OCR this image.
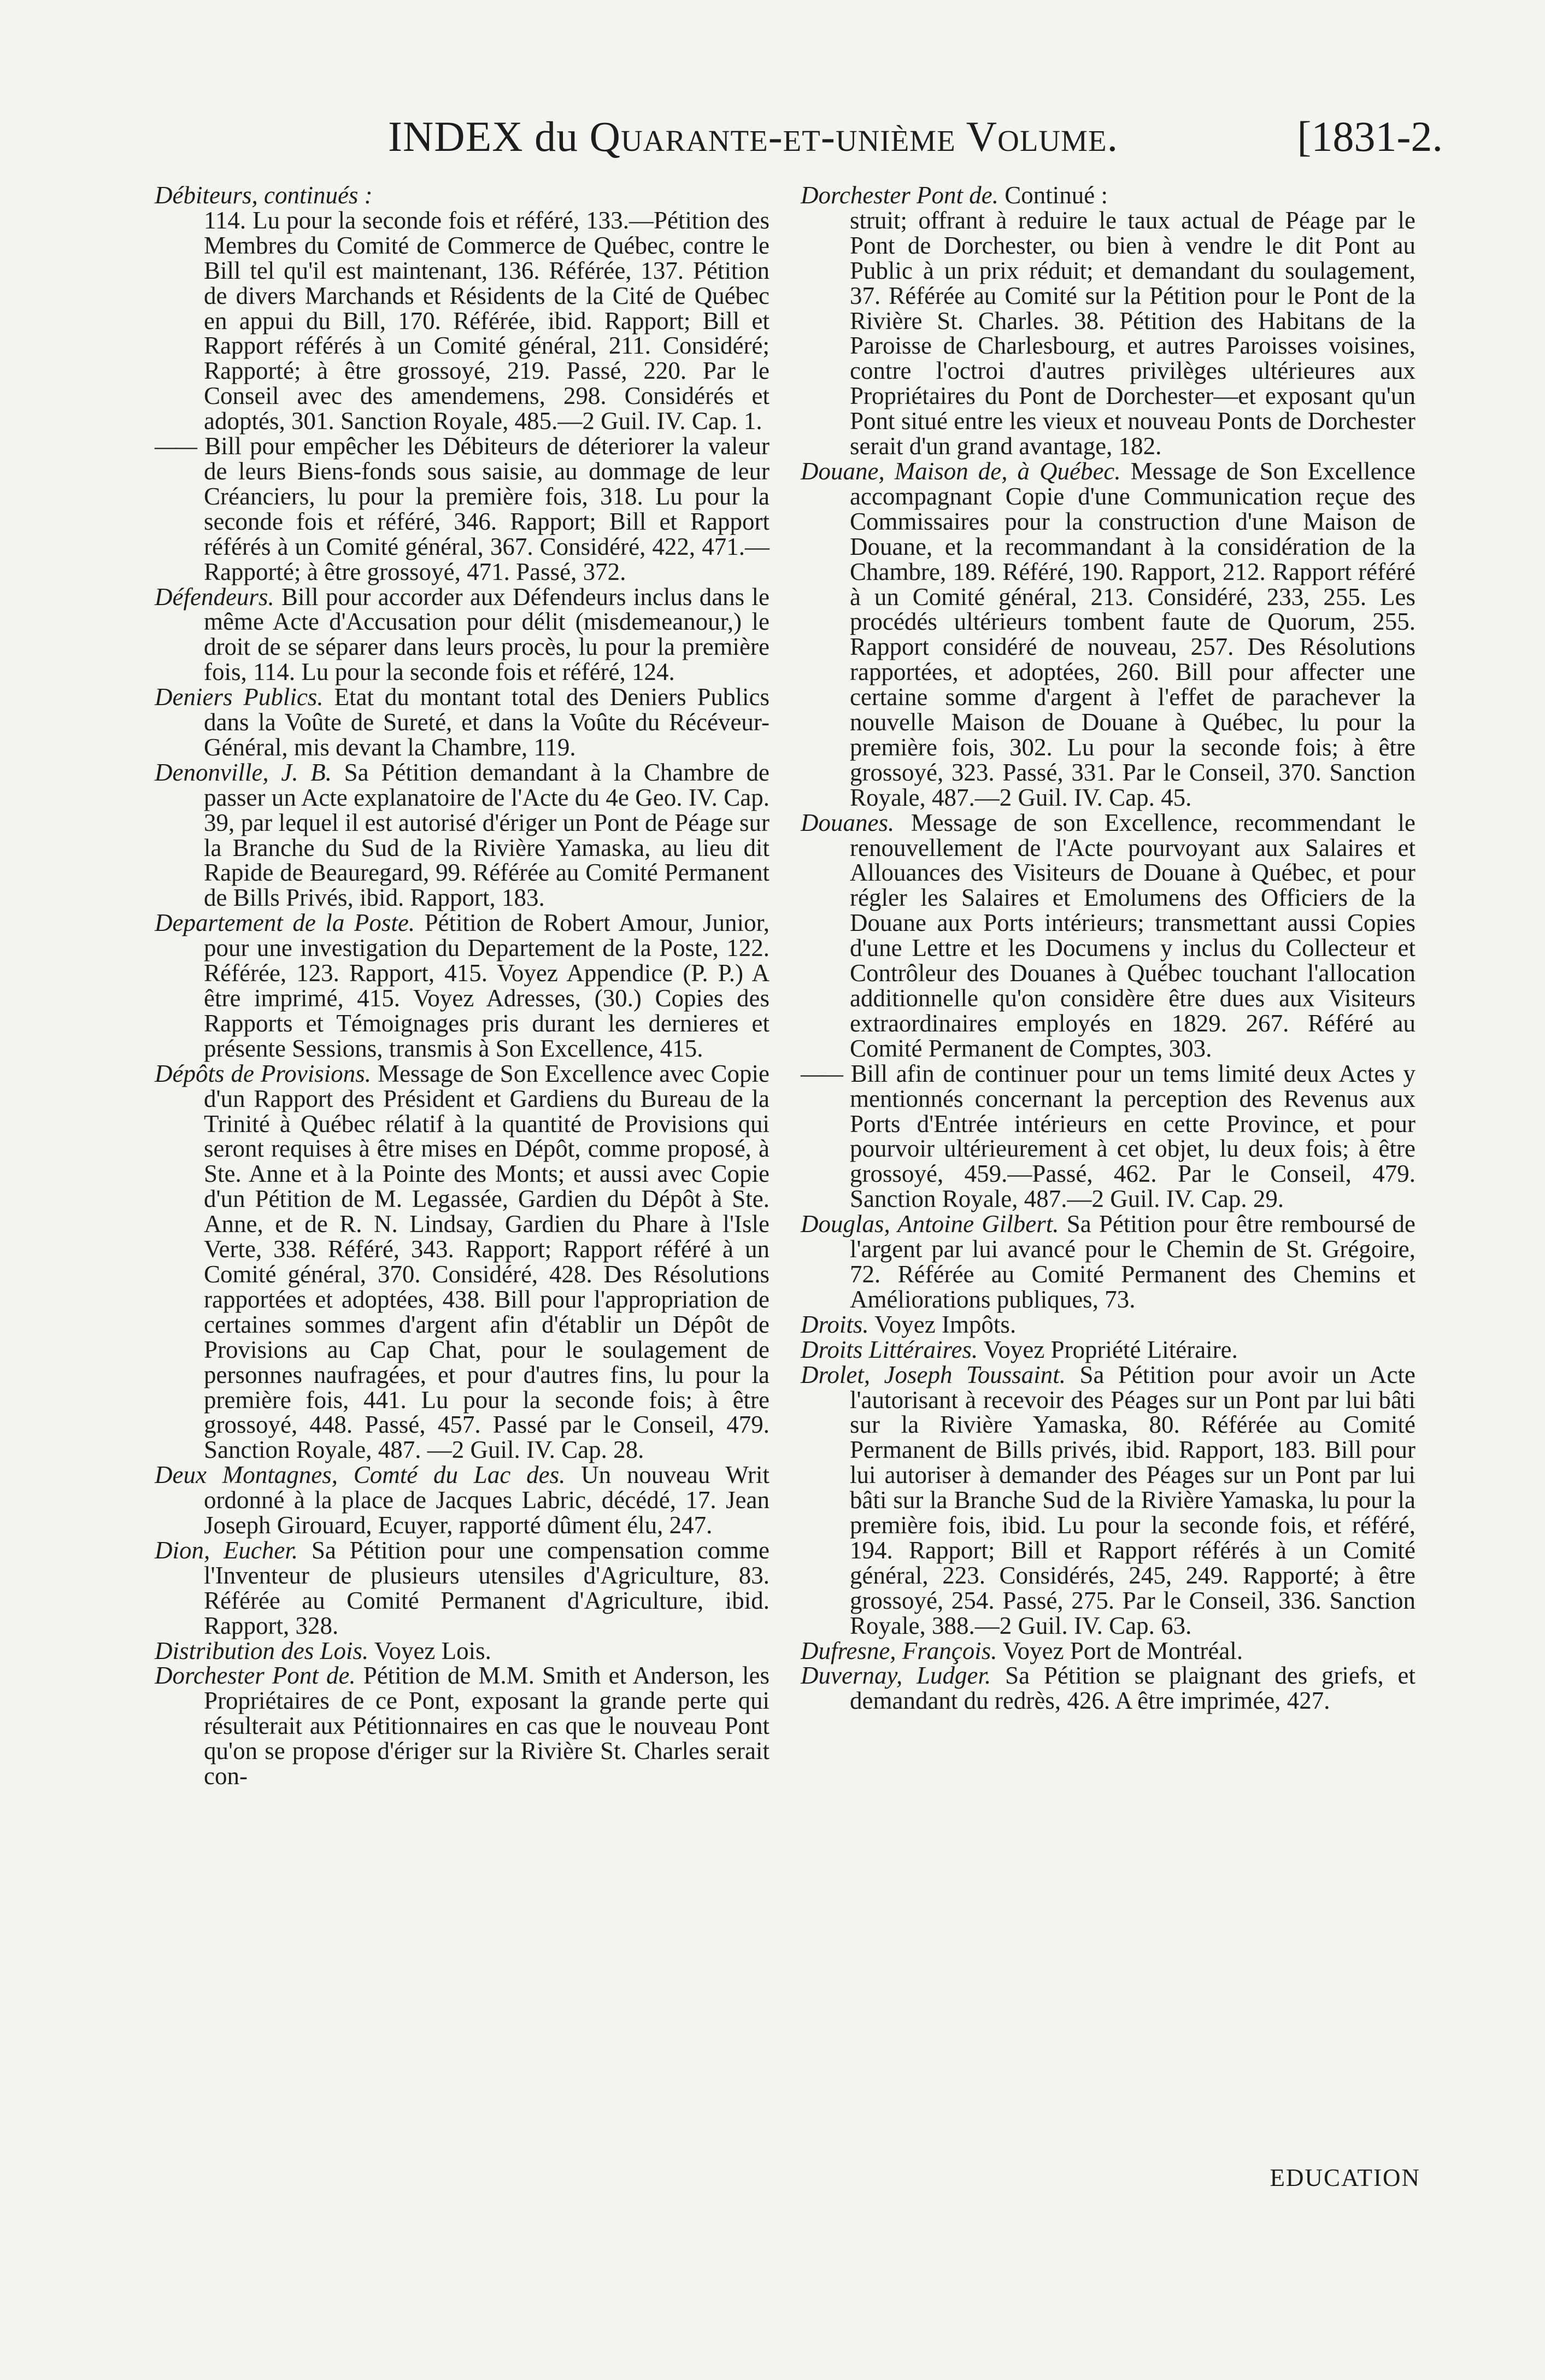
INDEX du Quarante-et-unième Volume.	[1831-2.

Débiteurs, continués :

114. Lu pour la seconde fois et référé, 133.—Pétition des Membres du Comité de Commerce de Québec, contre le Bill tel qu'il est maintenant, 136. Référée, 137. Pétition de divers Marchands et Résidents de la Cité de Québec en appui du Bill, 170. Référée, ibid. Rapport; Bill et Rapport référés à un Comité général, 211. Considéré; Rapporté; à être grossoyé, 219. Passé, 220. Par le Conseil avec des amendemens, 298. Considérés et adoptés, 301. Sanction Royale, 485.—2 Guil. IV. Cap. 1.

—— Bill pour empêcher les Débiteurs de déteriorer la valeur de leurs Biens-fonds sous saisie, au dommage de leur Créanciers, lu pour la première fois, 318. Lu pour la seconde fois et référé, 346. Rapport; Bill et Rapport référés à un Comité général, 367. Considéré, 422, 471.—Rapporté; à être grossoyé, 471. Passé, 372.

Défendeurs. Bill pour accorder aux Défendeurs inclus dans le même Acte d'Accusation pour délit (misdemeanour,) le droit de se séparer dans leurs procès, lu pour la première fois, 114. Lu pour la seconde fois et référé, 124.

Deniers Publics. Etat du montant total des Deniers Publics dans la Voûte de Sureté, et dans la Voûte du Récéveur-Général, mis devant la Chambre, 119.

Denonville, J. B. Sa Pétition demandant à la Chambre de passer un Acte explanatoire de l'Acte du 4e Geo. IV. Cap. 39, par lequel il est autorisé d'ériger un Pont de Péage sur la Branche du Sud de la Rivière Yamaska, au lieu dit Rapide de Beauregard, 99. Référée au Comité Permanent de Bills Privés, ibid. Rapport, 183.

Departement de la Poste. Pétition de Robert Amour, Junior, pour une investigation du Departement de la Poste, 122. Référée, 123. Rapport, 415. Voyez Appendice (P. P.) A être imprimé, 415. Voyez Adresses, (30.) Copies des Rapports et Témoignages pris durant les dernieres et présente Sessions, transmis à Son Excellence, 415.

Dépôts de Provisions. Message de Son Excellence avec Copie d'un Rapport des Président et Gardiens du Bureau de la Trinité à Québec rélatif à la quantité de Provisions qui seront requises à être mises en Dépôt, comme proposé, à Ste. Anne et à la Pointe des Monts; et aussi avec Copie d'un Pétition de M. Legassée, Gardien du Dépôt à Ste. Anne, et de R. N. Lindsay, Gardien du Phare à l'Isle Verte, 338. Référé, 343. Rapport; Rapport référé à un Comité général, 370. Considéré, 428. Des Résolutions rapportées et adoptées, 438. Bill pour l'appropriation de certaines sommes d'argent afin d'établir un Dépôt de Provisions au Cap Chat, pour le soulagement de personnes naufragées, et pour d'autres fins, lu pour la première fois, 441. Lu pour la seconde fois; à être grossoyé, 448. Passé, 457. Passé par le Conseil, 479. Sanction Royale, 487. —2 Guil. IV. Cap. 28.

Deux Montagnes, Comté du Lac des. Un nouveau Writ ordonné à la place de Jacques Labric, décédé, 17. Jean Joseph Girouard, Ecuyer, rapporté dûment élu, 247.

Dion, Eucher. Sa Pétition pour une compensation comme l'Inventeur de plusieurs utensiles d'Agriculture, 83. Référée au Comité Permanent d'Agriculture, ibid. Rapport, 328.

Distribution des Lois. Voyez Lois.

Dorchester Pont de. Pétition de M.M. Smith et Anderson, les Propriétaires de ce Pont, exposant la grande perte qui résulterait aux Pétitionnaires en cas que le nouveau Pont qu'on se propose d'ériger sur la Rivière St. Charles serait con-

Dorchester Pont de. Continué :

struit; offrant à reduire le taux actual de Péage par le Pont de Dorchester, ou bien à vendre le dit Pont au Public à un prix réduit; et demandant du soulagement, 37. Référée au Comité sur la Pétition pour le Pont de la Rivière St. Charles. 38. Pétition des Habitans de la Paroisse de Charlesbourg, et autres Paroisses voisines, contre l'octroi d'autres privilèges ultérieures aux Propriétaires du Pont de Dorchester—et exposant qu'un Pont situé entre les vieux et nouveau Ponts de Dorchester serait d'un grand avantage, 182.

Douane, Maison de, à Québec. Message de Son Excellence accompagnant Copie d'une Communication reçue des Commissaires pour la construction d'une Maison de Douane, et la recommandant à la considération de la Chambre, 189. Référé, 190. Rapport, 212. Rapport référé à un Comité général, 213. Considéré, 233, 255. Les procédés ultérieurs tombent faute de Quorum, 255. Rapport considéré de nouveau, 257. Des Résolutions rapportées, et adoptées, 260. Bill pour affecter une certaine somme d'argent à l'effet de parachever la nouvelle Maison de Douane à Québec, lu pour la première fois, 302. Lu pour la seconde fois; à être grossoyé, 323. Passé, 331. Par le Conseil, 370. Sanction Royale, 487.—2 Guil. IV. Cap. 45.

Douanes. Message de son Excellence, recommendant le renouvellement de l'Acte pourvoyant aux Salaires et Allouances des Visiteurs de Douane à Québec, et pour régler les Salaires et Emolumens des Officiers de la Douane aux Ports intérieurs; transmettant aussi Copies d'une Lettre et les Documens y inclus du Collecteur et Contrôleur des Douanes à Québec touchant l'allocation additionnelle qu'on considère être dues aux Visiteurs extraordinaires employés en 1829. 267. Référé au Comité Permanent de Comptes, 303.

—— Bill afin de continuer pour un tems limité deux Actes y mentionnés concernant la perception des Revenus aux Ports d'Entrée intérieurs en cette Province, et pour pourvoir ultérieurement à cet objet, lu deux fois; à être grossoyé, 459.—Passé, 462. Par le Conseil, 479. Sanction Royale, 487.—2 Guil. IV. Cap. 29.

Douglas, Antoine Gilbert. Sa Pétition pour être remboursé de l'argent par lui avancé pour le Chemin de St. Grégoire, 72. Référée au Comité Permanent des Chemins et Améliorations publiques, 73.

Droits. Voyez Impôts.

Droits Littéraires. Voyez Propriété Litéraire.

Drolet, Joseph Toussaint. Sa Pétition pour avoir un Acte l'autorisant à recevoir des Péages sur un Pont par lui bâti sur la Rivière Yamaska, 80. Référée au Comité Permanent de Bills privés, ibid. Rapport, 183. Bill pour lui autoriser à demander des Péages sur un Pont par lui bâti sur la Branche Sud de la Rivière Yamaska, lu pour la première fois, ibid. Lu pour la seconde fois, et référé, 194. Rapport; Bill et Rapport référés à un Comité général, 223. Considérés, 245, 249. Rapporté; à être grossoyé, 254. Passé, 275. Par le Conseil, 336. Sanction Royale, 388.—2 Guil. IV. Cap. 63.

Dufresne, François. Voyez Port de Montréal.

Duvernay, Ludger. Sa Pétition se plaignant des griefs, et demandant du redrès, 426. A être imprimée, 427.

EDUCATION
